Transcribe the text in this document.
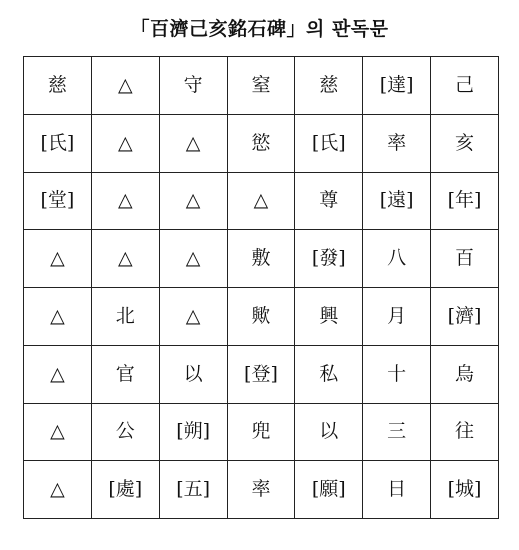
「百濟己亥銘石碑」의 판독문
慈	△	守	窒	慈	[達]	己
[氏]	△	△	慾	[氏]	率	亥
[堂]	△	△	△	尊	[遠]	[年]
△	△	△	敷	[發]	八	百
△	北	△	歟	興	月	[濟]
△	官	以	[登]	私	十	烏
△	公	[朔]	兜	以	三	往
△	[處]	[五]	率	[願]	日	[城]
